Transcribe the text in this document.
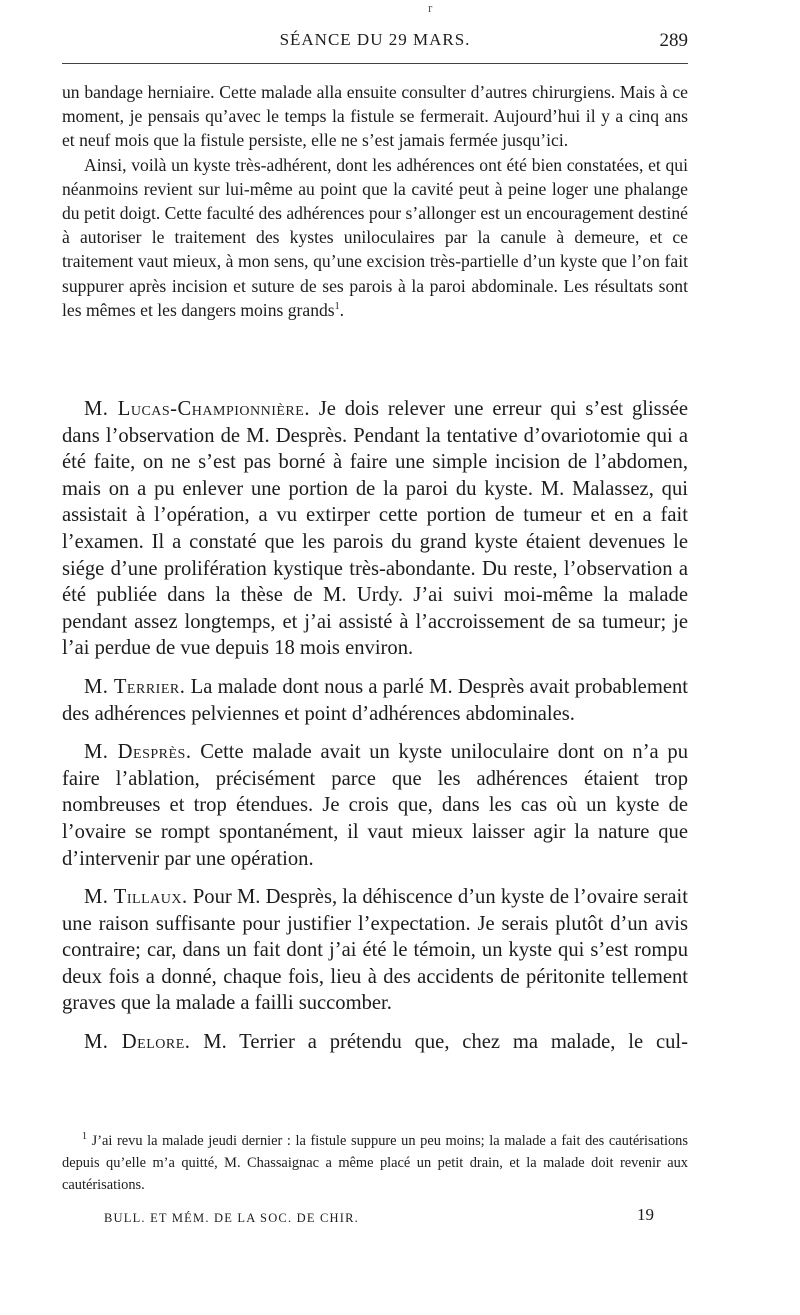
r
SÉANCE DU 29 MARS.	289

un bandage herniaire. Cette malade alla ensuite consulter d’autres chirurgiens. Mais à ce moment, je pensais qu’avec le temps la fistule se fermerait. Aujourd’hui il y a cinq ans et neuf mois que la fistule persiste, elle ne s’est jamais fermée jusqu’ici.

Ainsi, voilà un kyste très-adhérent, dont les adhérences ont été bien constatées, et qui néanmoins revient sur lui-même au point que la cavité peut à peine loger une phalange du petit doigt. Cette faculté des adhérences pour s’allonger est un encouragement destiné à autoriser le traitement des kystes uniloculaires par la canule à demeure, et ce traitement vaut mieux, à mon sens, qu’une excision très-partielle d’un kyste que l’on fait suppurer après incision et suture de ses parois à la paroi abdominale. Les résultats sont les mêmes et les dangers moins grands$^1$.

M. Lucas-Championnière. Je dois relever une erreur qui s’est glissée dans l’observation de M. Desprès. Pendant la tentative d’ovariotomie qui a été faite, on ne s’est pas borné à faire une simple incision de l’abdomen, mais on a pu enlever une portion de la paroi du kyste. M. Malassez, qui assistait à l’opération, a vu extirper cette portion de tumeur et en a fait l’examen. Il a constaté que les parois du grand kyste étaient devenues le siége d’une prolifération kystique très-abondante. Du reste, l’observation a été publiée dans la thèse de M. Urdy. J’ai suivi moi-même la malade pendant assez longtemps, et j’ai assisté à l’accroissement de sa tumeur; je l’ai perdue de vue depuis 18 mois environ.

M. Terrier. La malade dont nous a parlé M. Desprès avait probablement des adhérences pelviennes et point d’adhérences abdominales.

M. Desprès. Cette malade avait un kyste uniloculaire dont on n’a pu faire l’ablation, précisément parce que les adhérences étaient trop nombreuses et trop étendues. Je crois que, dans les cas où un kyste de l’ovaire se rompt spontanément, il vaut mieux laisser agir la nature que d’intervenir par une opération.

M. Tillaux. Pour M. Desprès, la déhiscence d’un kyste de l’ovaire serait une raison suffisante pour justifier l’expectation. Je serais plutôt d’un avis contraire; car, dans un fait dont j’ai été le témoin, un kyste qui s’est rompu deux fois a donné, chaque fois, lieu à des accidents de péritonite tellement graves que la malade a failli succomber.

M. Delore. M. Terrier a prétendu que, chez ma malade, le cul-

$^1$ J’ai revu la malade jeudi dernier : la fistule suppure un peu moins; la malade a fait des cautérisations depuis qu’elle m’a quitté, M. Chassaignac a même placé un petit drain, et la malade doit revenir aux cautérisations.
BULL. ET MÉM. DE LA SOC. DE CHIR.	19
